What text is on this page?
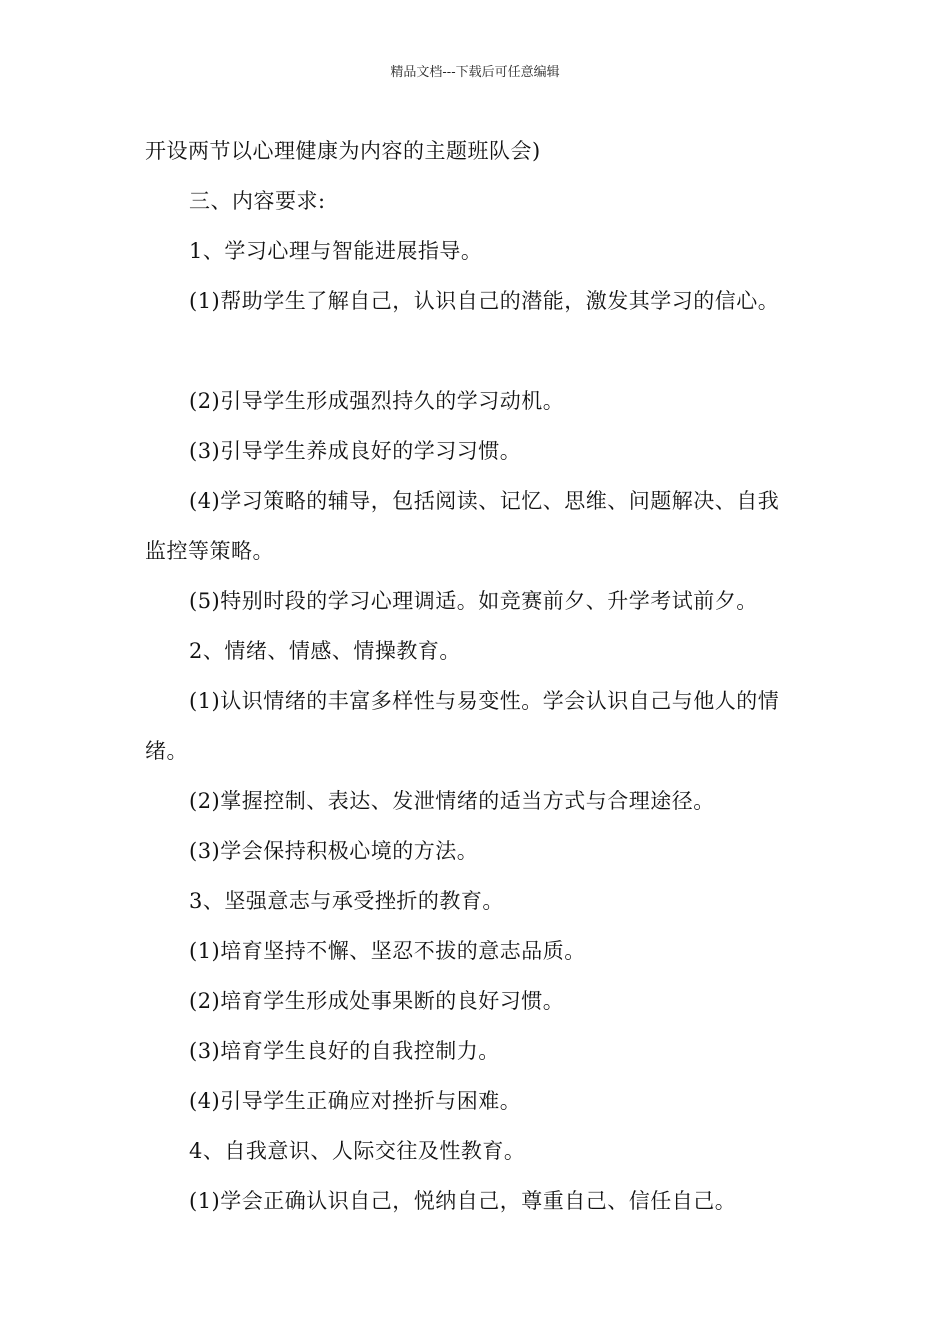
精品文档---下载后可任意编辑
开设两节以心理健康为内容的主题班队会)
三、内容要求:
1、学习心理与智能进展指导。
(1)帮助学生了解自己，认识自己的潜能，激发其学习的信心。
(2)引导学生形成强烈持久的学习动机。
(3)引导学生养成良好的学习习惯。
(4)学习策略的辅导，包括阅读、记忆、思维、问题解决、自我
监控等策略。
(5)特别时段的学习心理调适。如竞赛前夕、升学考试前夕。
2、情绪、情感、情操教育。
(1)认识情绪的丰富多样性与易变性。学会认识自己与他人的情
绪。
(2)掌握控制、表达、发泄情绪的适当方式与合理途径。
(3)学会保持积极心境的方法。
3、坚强意志与承受挫折的教育。
(1)培育坚持不懈、坚忍不拔的意志品质。
(2)培育学生形成处事果断的良好习惯。
(3)培育学生良好的自我控制力。
(4)引导学生正确应对挫折与困难。
4、自我意识、人际交往及性教育。
(1)学会正确认识自己，悦纳自己，尊重自己、信任自己。
